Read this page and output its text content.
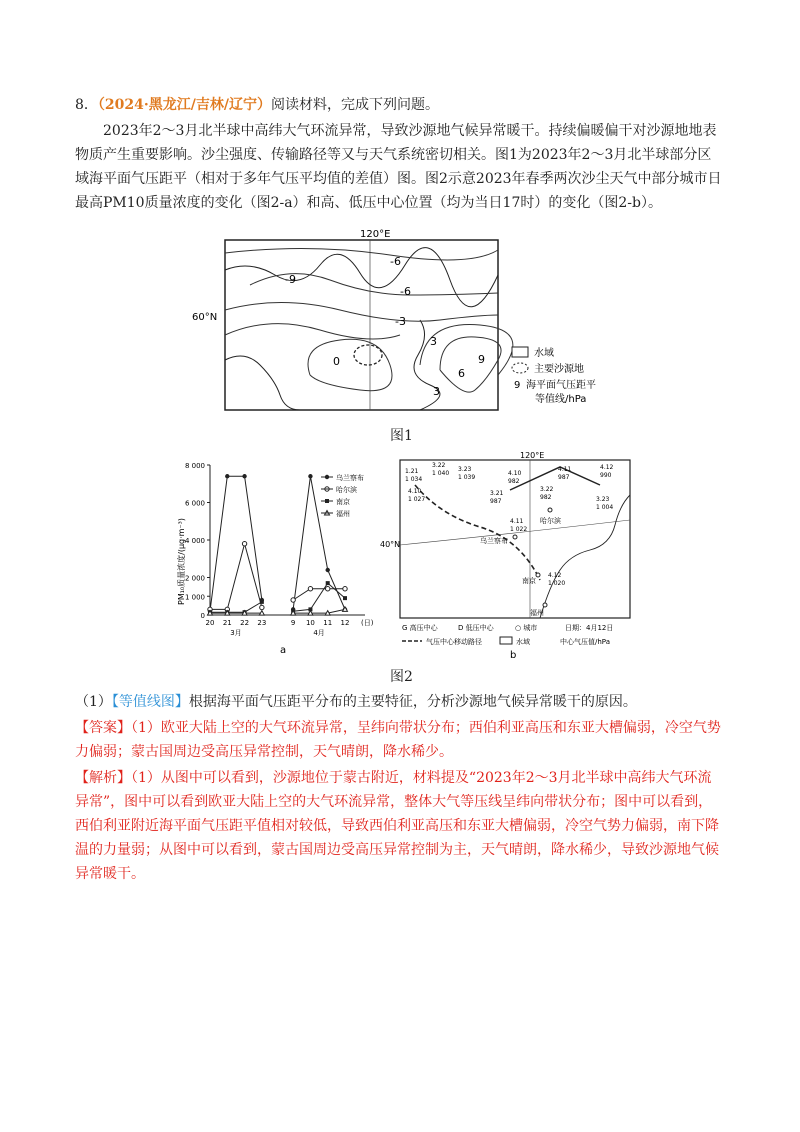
8．（2024·黑龙江/吉林/辽宁）阅读材料，完成下列问题。
2023年2～3月北半球中高纬大气环流异常，导致沙源地气候异常暖干。持续偏暖偏干对沙源地地表物质产生重要影响。沙尘强度、传输路径等又与天气系统密切相关。图1为2023年2～3月北半球部分区域海平面气压距平（相对于多年气压平均值的差值）图。图2示意2023年春季两次沙尘天气中部分城市日最高PM10质量浓度的变化（图2-a）和高、低压中心位置（均为当日17时）的变化（图2-b）。
120°E
60°N
-6
-9
-6
-3
0
3
6
9
3
水域
主要沙源地
9 海平面气压距平
等值线/hPa
图1
PM₁₀质量浓度/(μg·m⁻³)
a
8 000
6 000
4 000
2 000
1 000
0
20 21 22 23	9 10 11 12 (日)
3月	4月
乌兰察布
哈尔滨
南京
福州
120°E
40°N	乌兰察布
哈尔滨
南京
福州
1.21
1 034
3.22
1 040
3.23
1 039
4.10
982
4.11
987
4.12
990
4.10
1 027
3.21
987
3.22
982	3.23
1 004
4.11
1 022
4.12
1 020
G 高压中心	D 低压中心	○ 城市	日期：4月12日
气压中心移动路径	水域	中心气压值/hPa
b
图2
（1）【等值线图】根据海平面气压距平分布的主要特征，分析沙源地气候异常暖干的原因。
【答案】（1）欧亚大陆上空的大气环流异常，呈纬向带状分布；西伯利亚高压和东亚大槽偏弱，冷空气势力偏弱；蒙古国周边受高压异常控制，天气晴朗，降水稀少。
【解析】（1）从图中可以看到，沙源地位于蒙古附近，材料提及“2023年2～3月北半球中高纬大气环流异常”，图中可以看到欧亚大陆上空的大气环流异常，整体大气等压线呈纬向带状分布；图中可以看到，西伯利亚附近海平面气压距平值相对较低，导致西伯利亚高压和东亚大槽偏弱，冷空气势力偏弱，南下降温的力量弱；从图中可以看到，蒙古国周边受高压异常控制为主，天气晴朗，降水稀少，导致沙源地气候异常暖干。
